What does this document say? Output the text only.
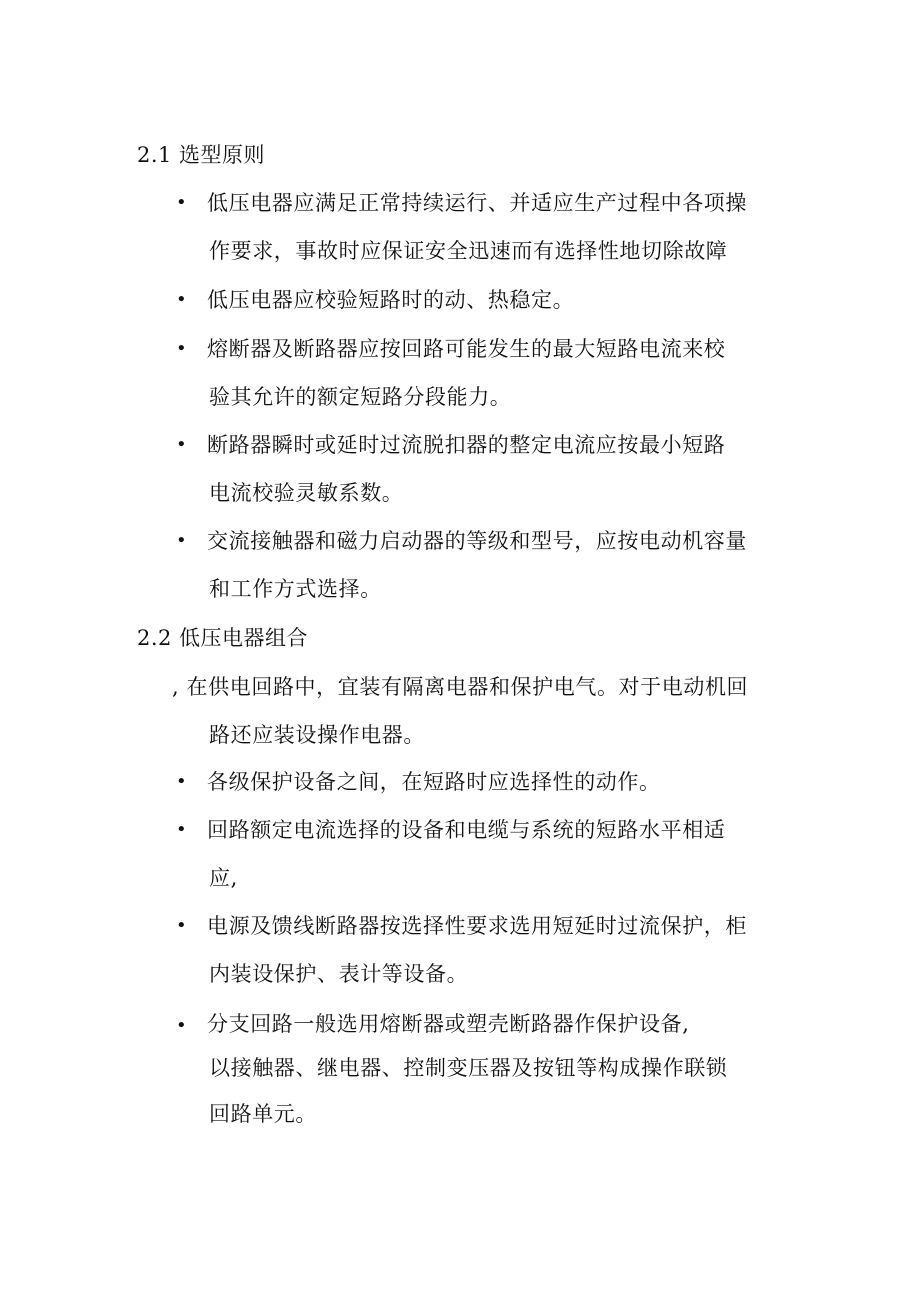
2.1 选型原则
• 低压电器应满足正常持续运行、并适应生产过程中各项操
作要求，事故时应保证安全迅速而有选择性地切除故障
• 低压电器应校验短路时的动、热稳定。
• 熔断器及断路器应按回路可能发生的最大短路电流来校
验其允许的额定短路分段能力。
• 断路器瞬时或延时过流脱扣器的整定电流应按最小短路
电流校验灵敏系数。
• 交流接触器和磁力启动器的等级和型号，应按电动机容量
和工作方式选择。
2.2 低压电器组合
, 在供电回路中，宜装有隔离电器和保护电气。对于电动机回
路还应装设操作电器。
• 各级保护设备之间，在短路时应选择性的动作。
• 回路额定电流选择的设备和电缆与系统的短路水平相适
应,
• 电源及馈线断路器按选择性要求选用短延时过流保护，柜
内装设保护、表计等设备。
• 分支回路一般选用熔断器或塑壳断路器作保护设备,
以接触器、继电器、控制变压器及按钮等构成操作联锁
回路单元。
